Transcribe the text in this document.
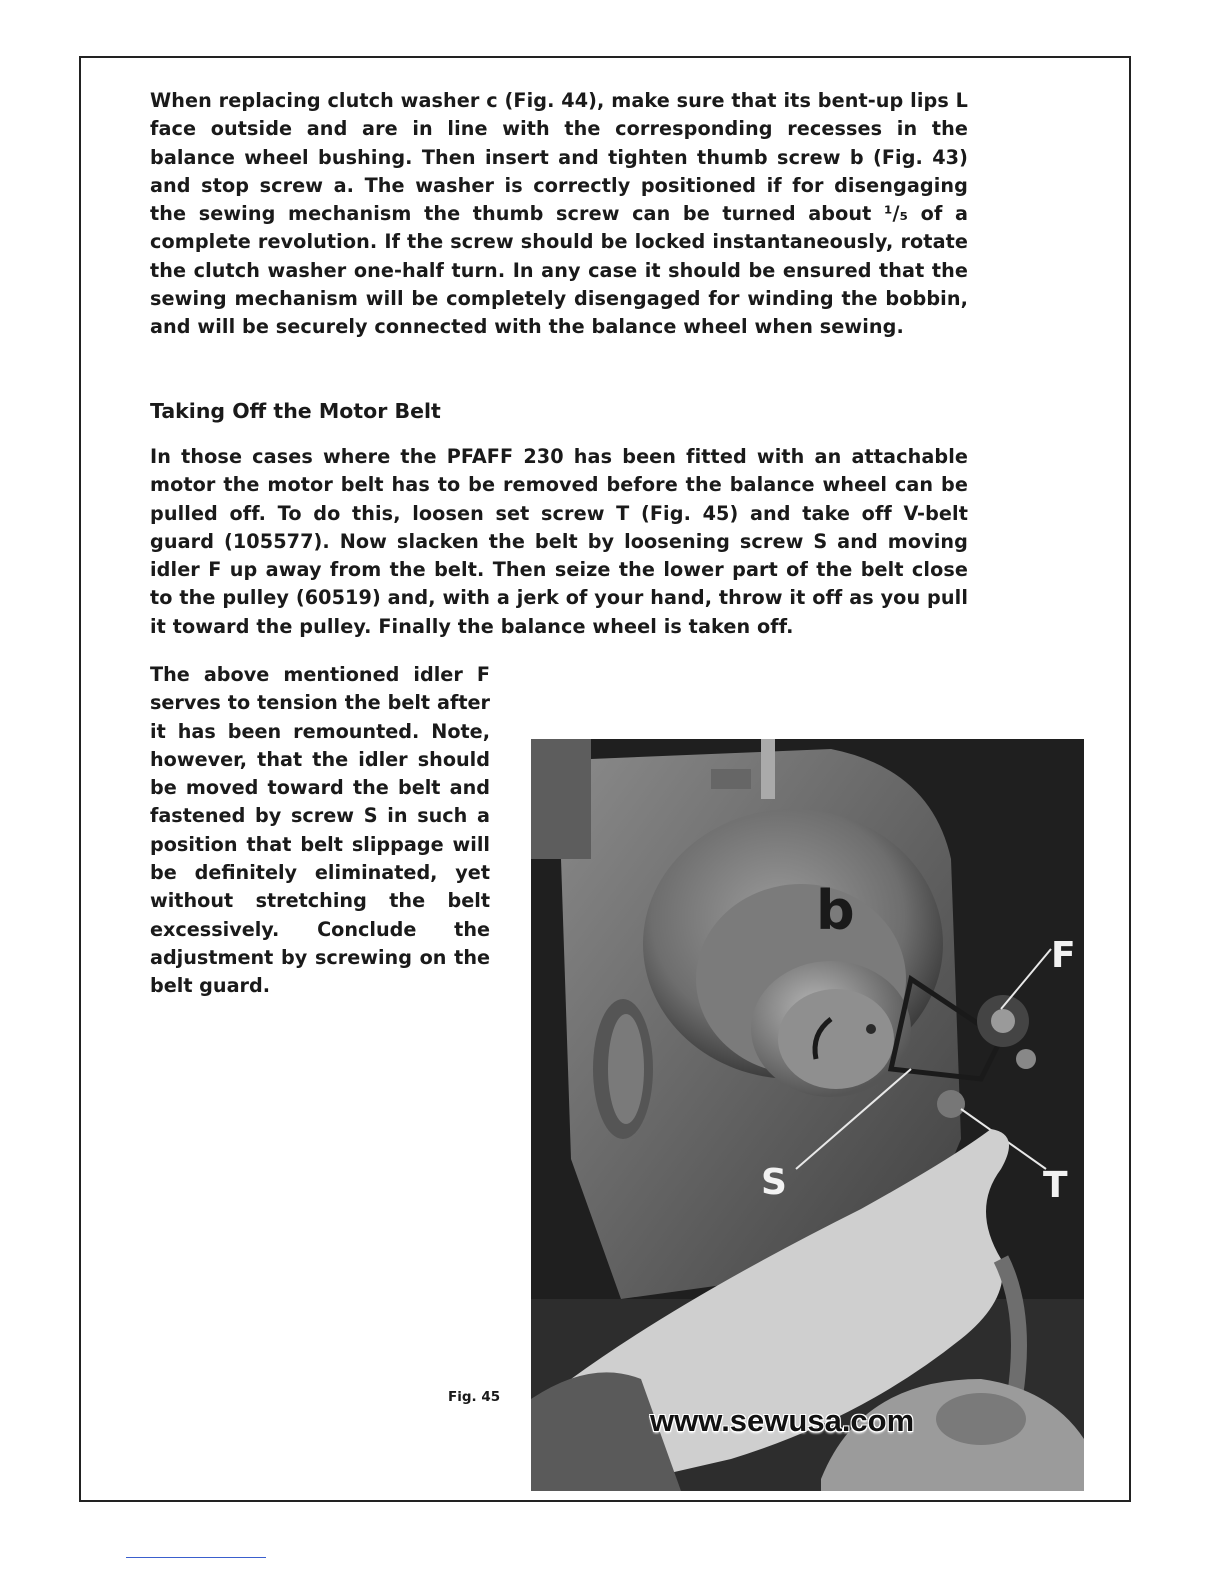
When replacing clutch washer c (Fig. 44), make sure that its bent-up lips L face outside and are in line with the corresponding recesses in the balance wheel bushing. Then insert and tighten thumb screw b (Fig. 43) and stop screw a. The washer is correctly positioned if for disengaging the sewing mechanism the thumb screw can be turned about ¹/₅ of a complete revolution. If the screw should be locked instantaneously, rotate the clutch washer one-half turn. In any case it should be ensured that the sewing mechanism will be completely disengaged for winding the bobbin, and will be securely connected with the balance wheel when sewing.

Taking Off the Motor Belt

In those cases where the PFAFF 230 has been fitted with an attachable motor the motor belt has to be removed before the balance wheel can be pulled off. To do this, loosen set screw T (Fig. 45) and take off V-belt guard (105577). Now slacken the belt by loosening screw S and moving idler F up away from the belt. Then seize the lower part of the belt close to the pulley (60519) and, with a jerk of your hand, throw it off as you pull it toward the pulley. Finally the balance wheel is taken off.

The above mentioned idler F serves to tension the belt after it has been remounted. Note, however, that the idler should be moved toward the belt and fastened by screw S in such a position that belt slippage will be definitely eliminated, yet without stretching the belt excessively. Conclude the adjustment by screwing on the belt guard.

Fig. 45
b
F
S	T
www.sewusa.com
